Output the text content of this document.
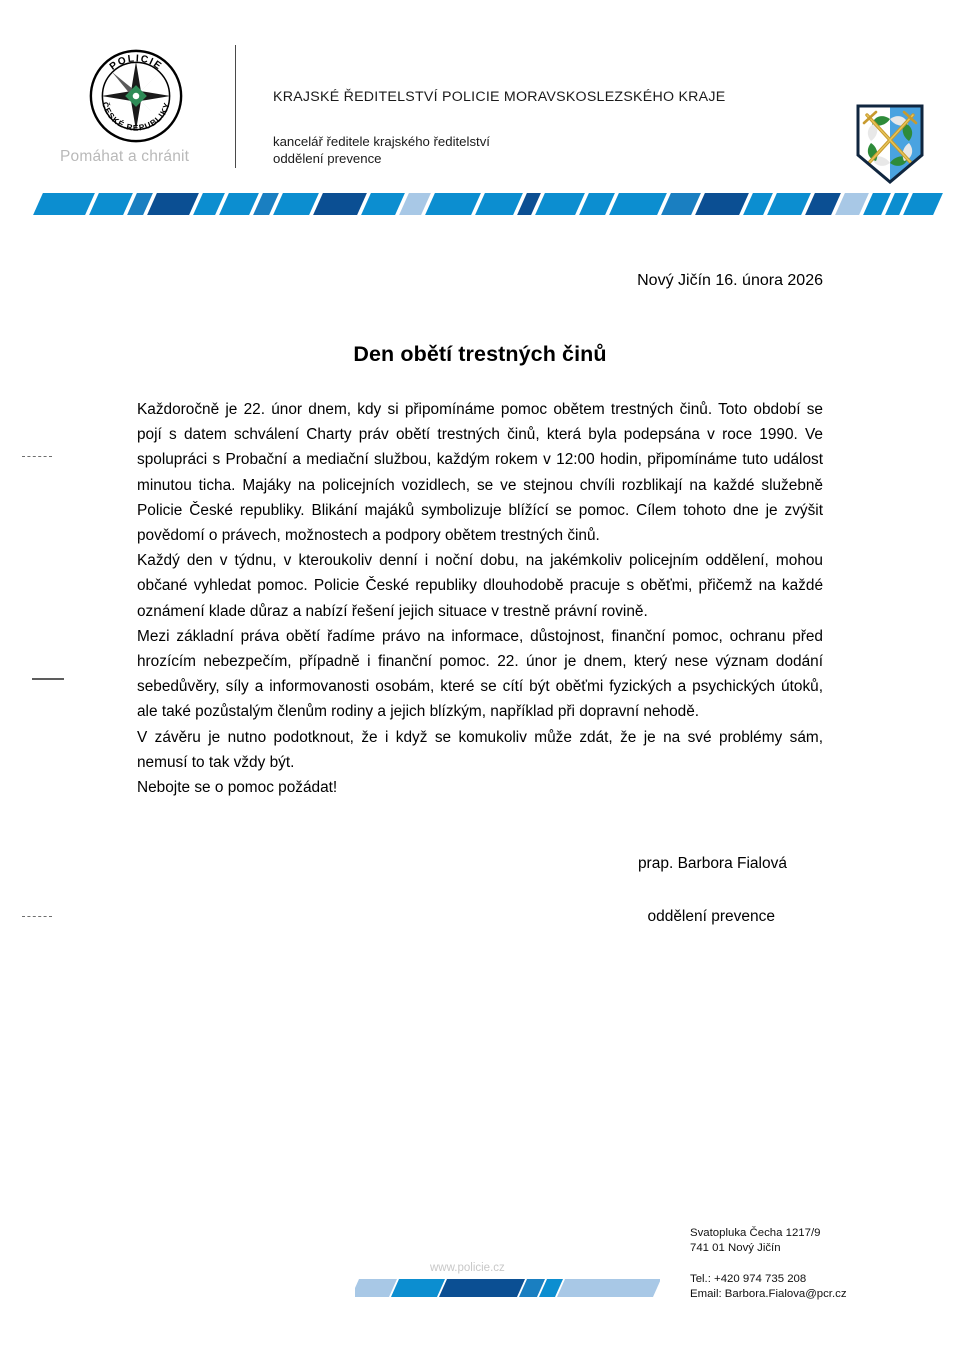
POLICIE
ČESKÉ REPUBLIKY
Pomáhat a chránit
KRAJSKÉ ŘEDITELSTVÍ POLICIE MORAVSKOSLEZSKÉHO KRAJE
kancelář ředitele krajského ředitelství
oddělení prevence
Nový Jičín 16. února 2026
Den obětí trestných činů

Každoročně je 22. únor dnem, kdy si připomínáme pomoc obětem trestných činů. Toto období se pojí s datem schválení Charty práv obětí trestných činů, která byla podepsána v roce 1990. Ve spolupráci s Probační a mediační službou, každým rokem v 12:00 hodin, připomínáme tuto událost minutou ticha. Majáky na policejních vozidlech, se ve stejnou chvíli rozblikají na každé služebně Policie České republiky. Blikání majáků symbolizuje blížící se pomoc. Cílem tohoto dne je zvýšit povědomí o právech, možnostech a podpory obětem trestných činů.

Každý den v týdnu, v kteroukoliv denní i noční dobu, na jakémkoliv policejním oddělení, mohou občané vyhledat pomoc. Policie České republiky dlouhodobě pracuje s oběťmi, přičemž na každé oznámení klade důraz a nabízí řešení jejich situace v trestně právní rovině.

Mezi základní práva obětí řadíme právo na informace, důstojnost, finanční pomoc, ochranu před hrozícím nebezpečím, případně i finanční pomoc. 22. únor je dnem, který nese význam dodání sebedůvěry, síly a informovanosti osobám, které se cítí být oběťmi fyzických a psychických útoků, ale také pozůstalým členům rodiny a jejich blízkým, například při dopravní nehodě.

V závěru je nutno podotknout, že i když se komukoliv může zdát, že je na své problémy sám, nemusí to tak vždy být.

Nebojte se o pomoc požádat!

prap. Barbora Fialová
oddělení prevence
www.policie.cz
Svatopluka Čecha 1217/9
741 01 Nový Jičín
Tel.: +420 974 735 208
Email: Barbora.Fialova@pcr.cz
